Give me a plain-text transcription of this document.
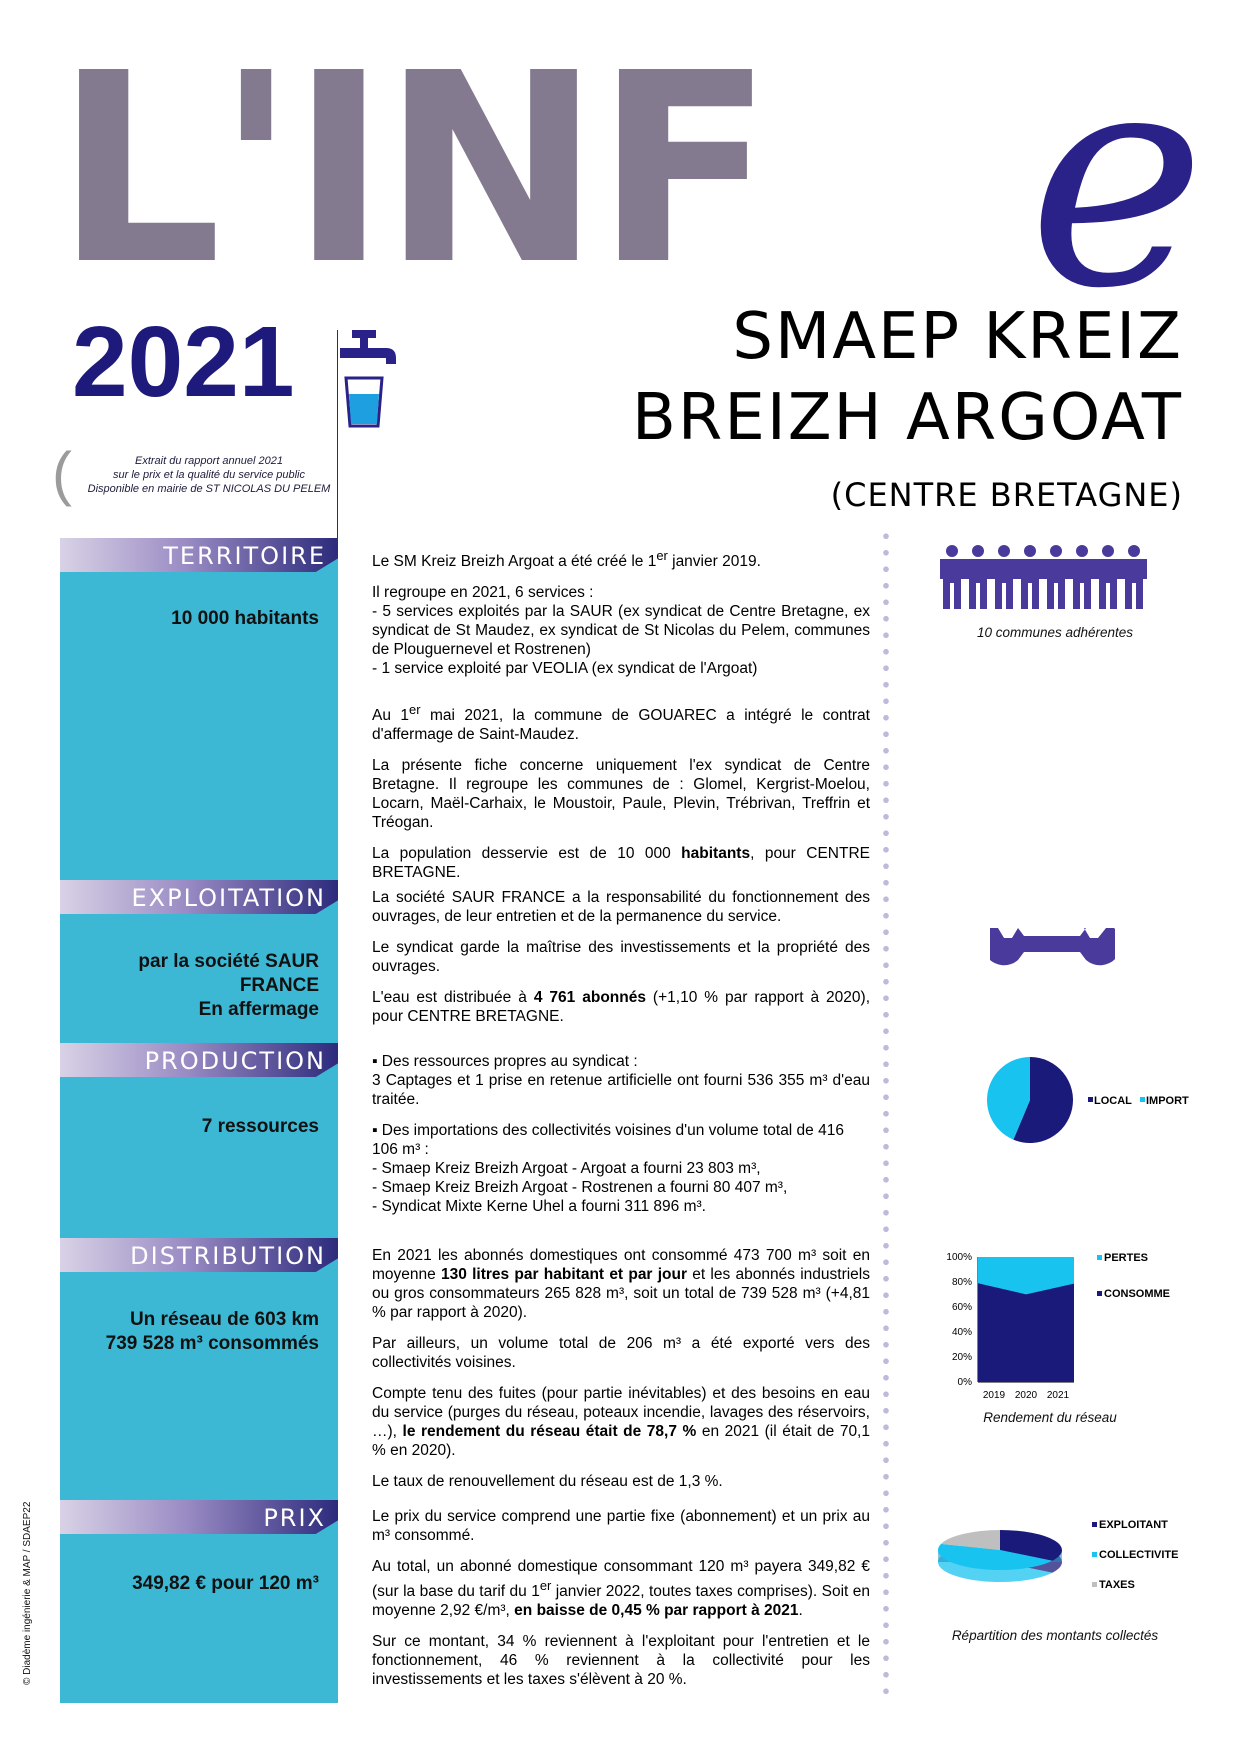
L'INF e
2021	SMAEP KREIZ
BREIZH ARGOAT
(CENTRE BRETAGNE)
(	Extrait du rapport annuel 2021
sur le prix et la qualité du service public
Disponible en mairie de ST NICOLAS DU PELEM
TERRITOIRE
10 000 habitants
EXPLOITATION
par la société SAUR
FRANCE
En affermage
PRODUCTION
7 ressources
DISTRIBUTION
Un réseau de 603 km
739 528 m³ consommés
PRIX
349,82 € pour 120 m³
© Diadème ingénierie & MAP / SDAEP22

Le SM Kreiz Breizh Argoat a été créé le 1er janvier 2019.

Il regroupe en 2021, 6 services :
- 5 services exploités par la SAUR (ex syndicat de Centre Bretagne, ex syndicat de St Maudez, ex syndicat de St Nicolas du Pelem, communes de Plouguernevel et Rostrenen)
- 1 service exploité par VEOLIA (ex syndicat de l'Argoat)

Au 1er mai 2021, la commune de GOUAREC a intégré le contrat d'affermage de Saint-Maudez.

La présente fiche concerne uniquement l'ex syndicat de Centre Bretagne. Il regroupe les communes de : Glomel, Kergrist-Moelou, Locarn, Maël-Carhaix, le Moustoir, Paule, Plevin, Trébrivan, Treffrin et Tréogan.

La population desservie est de 10 000 habitants, pour CENTRE BRETAGNE.

La société SAUR FRANCE a la responsabilité du fonctionnement des ouvrages, de leur entretien et de la permanence du service.

Le syndicat garde la maîtrise des investissements et la propriété des ouvrages.

L'eau est distribuée à 4 761 abonnés (+1,10 % par rapport à 2020), pour CENTRE BRETAGNE.

▪ Des ressources propres au syndicat :
3 Captages et 1 prise en retenue artificielle ont fourni 536 355 m³ d'eau traitée.

▪ Des importations des collectivités voisines d'un volume total de 416 106 m³ :
- Smaep Kreiz Breizh Argoat - Argoat a fourni 23 803 m³,
- Smaep Kreiz Breizh Argoat - Rostrenen a fourni 80 407 m³,
- Syndicat Mixte Kerne Uhel a fourni 311 896 m³.

En 2021 les abonnés domestiques ont consommé 473 700 m³ soit en moyenne 130 litres par habitant et par jour et les abonnés industriels ou gros consommateurs 265 828 m³, soit un total de 739 528 m³ (+4,81 % par rapport à 2020).

Par ailleurs, un volume total de 206 m³ a été exporté vers des collectivités voisines.

Compte tenu des fuites (pour partie inévitables) et des besoins en eau du service (purges du réseau, poteaux incendie, lavages des réservoirs, …), le rendement du réseau était de 78,7 % en 2021 (il était de 70,1 % en 2020).

Le taux de renouvellement du réseau est de 1,3 %.

Le prix du service comprend une partie fixe (abonnement) et un prix au m³ consommé.

Au total, un abonné domestique consommant 120 m³ payera 349,82 € (sur la base du tarif du 1er janvier 2022, toutes taxes comprises). Soit en moyenne 2,92 €/m³, en baisse de 0,45 % par rapport à 2021.

Sur ce montant, 34 % reviennent à l'exploitant pour l'entretien et le fonctionnement, 46 % reviennent à la collectivité pour les investissements et les taxes s'élèvent à 20 %.

10 communes adhérentes
LOCAL IMPORT
0%
20%
40%
60%
80%
100%
2019 2020 2021
PERTES
CONSOMME
Rendement du réseau
EXPLOITANT
COLLECTIVITE
TAXES
Répartition des montants collectés
